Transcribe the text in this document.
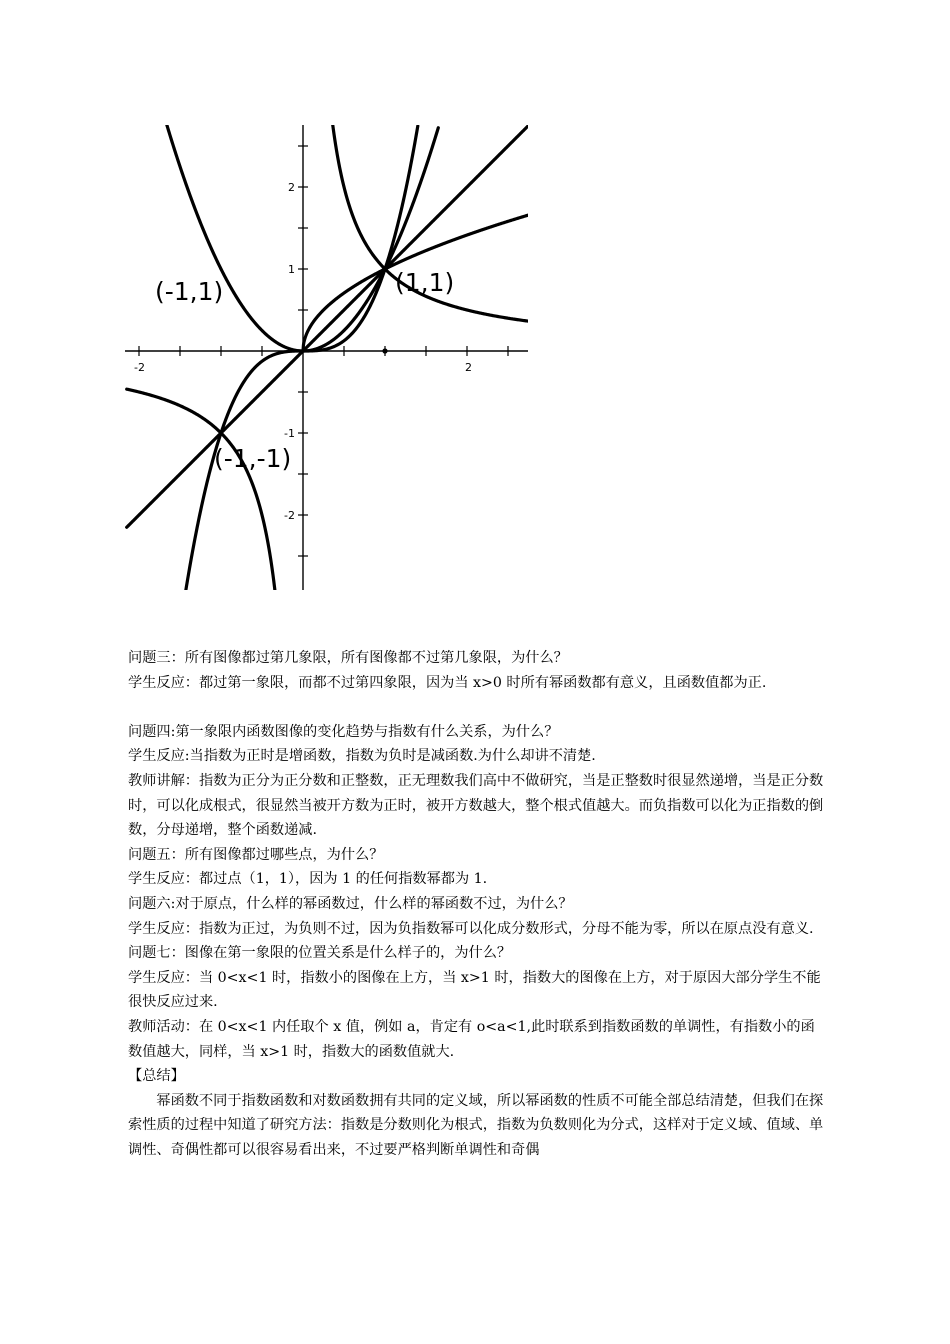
-2	2
2
1
-1
-2
(-1,1)	(1,1)
(-1,-1)

问题三：所有图像都过第几象限，所有图像都不过第几象限，为什么？

学生反应：都过第一象限，而都不过第四象限，因为当 x>0 时所有幂函数都有意义，且函数值都为正.

问题四:第一象限内函数图像的变化趋势与指数有什么关系，为什么？

学生反应:当指数为正时是增函数，指数为负时是减函数.为什么却讲不清楚.

教师讲解：指数为正分为正分数和正整数，正无理数我们高中不做研究，当是正整数时很显然递增，当是正分数时，可以化成根式，很显然当被开方数为正时，被开方数越大，整个根式值越大。而负指数可以化为正指数的倒数，分母递增，整个函数递减.

问题五：所有图像都过哪些点，为什么？

学生反应：都过点（1，1），因为 1 的任何指数幂都为 1.

问题六:对于原点，什么样的幂函数过，什么样的幂函数不过，为什么？

学生反应：指数为正过，为负则不过，因为负指数幂可以化成分数形式，分母不能为零，所以在原点没有意义.

问题七：图像在第一象限的位置关系是什么样子的，为什么？

学生反应：当 0<x<1 时，指数小的图像在上方，当 x>1 时，指数大的图像在上方，对于原因大部分学生不能很快反应过来.

教师活动：在 0<x<1 内任取个 x 值，例如 a，肯定有 o<a<1,此时联系到指数函数的单调性，有指数小的函数值越大，同样，当 x>1 时，指数大的函数值就大.

【总结】

幂函数不同于指数函数和对数函数拥有共同的定义域，所以幂函数的性质不可能全部总结清楚，但我们在探索性质的过程中知道了研究方法：指数是分数则化为根式，指数为负数则化为分式，这样对于定义域、值域、单调性、奇偶性都可以很容易看出来，不过要严格判断单调性和奇偶
